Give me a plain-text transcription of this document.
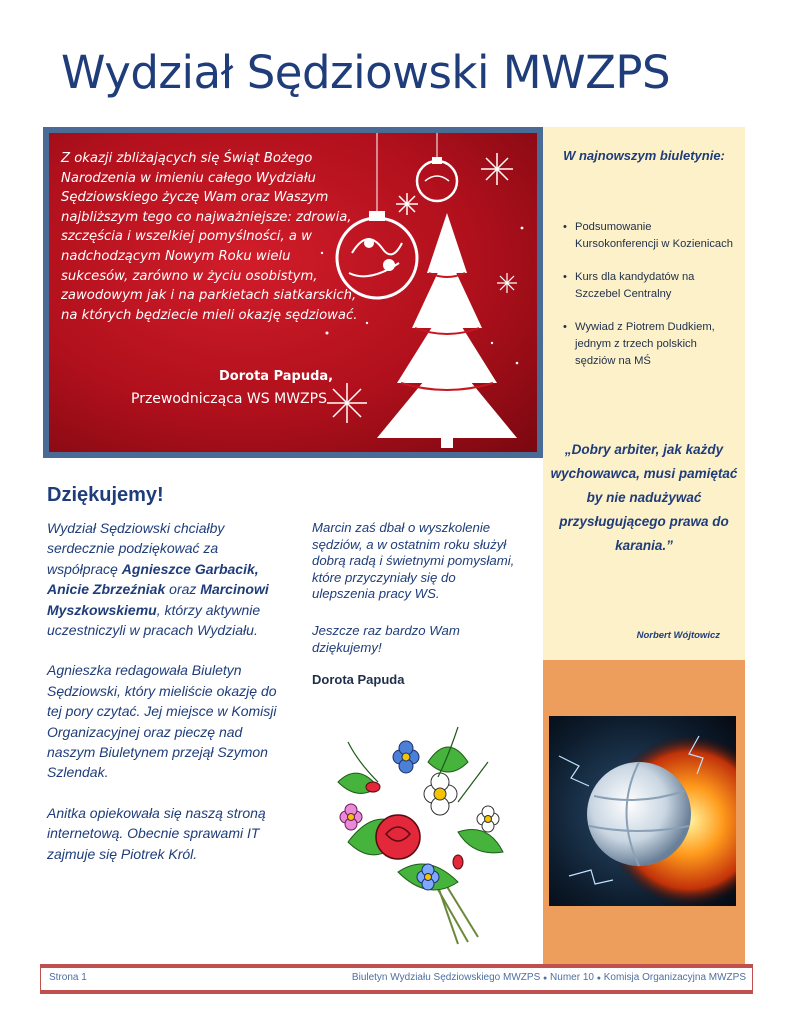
Wydział Sędziowski MWZPS
Z okazji zbliżających się Świąt Bożego Narodzenia w imieniu całego Wydziału Sędziowskiego życzę Wam oraz Waszym najbliższym tego co najważniejsze: zdrowia, szczęścia i wszelkiej pomyślności, a w nadchodzącym Nowym Roku wielu sukcesów, zarówno w życiu osobistym, zawodowym jak i na parkietach siatkarskich, na których będziecie mieli okazję sędziować.
Dorota Papuda,
Przewodnicząca WS MWZPS
W najnowszym biuletynie:
• Podsumowanie Kursokonferencji w Kozienicach
• Kurs dla kandydatów na Szczebel Centralny
• Wywiad z Piotrem Dudkiem, jednym z trzech polskich sędziów na MŚ
„Dobry arbiter, jak każdy wychowawca, musi pamiętać by nie nadużywać przysługującego prawa do karania.”
Norbert Wójtowicz
Dziękujemy!

Wydział Sędziowski chciałby serdecznie podziękować za współpracę Agnieszce Garbacik, Anicie Zbrzeźniak oraz Marcinowi Myszkowskiemu, którzy aktywnie uczestniczyli w pracach Wydziału.

Agnieszka redagowała Biuletyn Sędziowski, który mieliście okazję do tej pory czytać. Jej miejsce w Komisji Organizacyjnej oraz pieczę nad naszym Biuletynem przejął Szymon Szlendak.

Anitka opiekowała się naszą stroną internetową. Obecnie sprawami IT zajmuje się Piotrek Król.

Marcin zaś dbał o wyszkolenie sędziów, a w ostatnim roku służył dobrą radą i świetnymi pomysłami, które przyczyniały się do ulepszenia pracy WS.

Jeszcze raz bardzo Wam dziękujemy!

Dorota Papuda

Strona 1	Biuletyn Wydziału Sędziowskiego MWZPS ● Numer 10 ● Komisja Organizacyjna MWZPS
